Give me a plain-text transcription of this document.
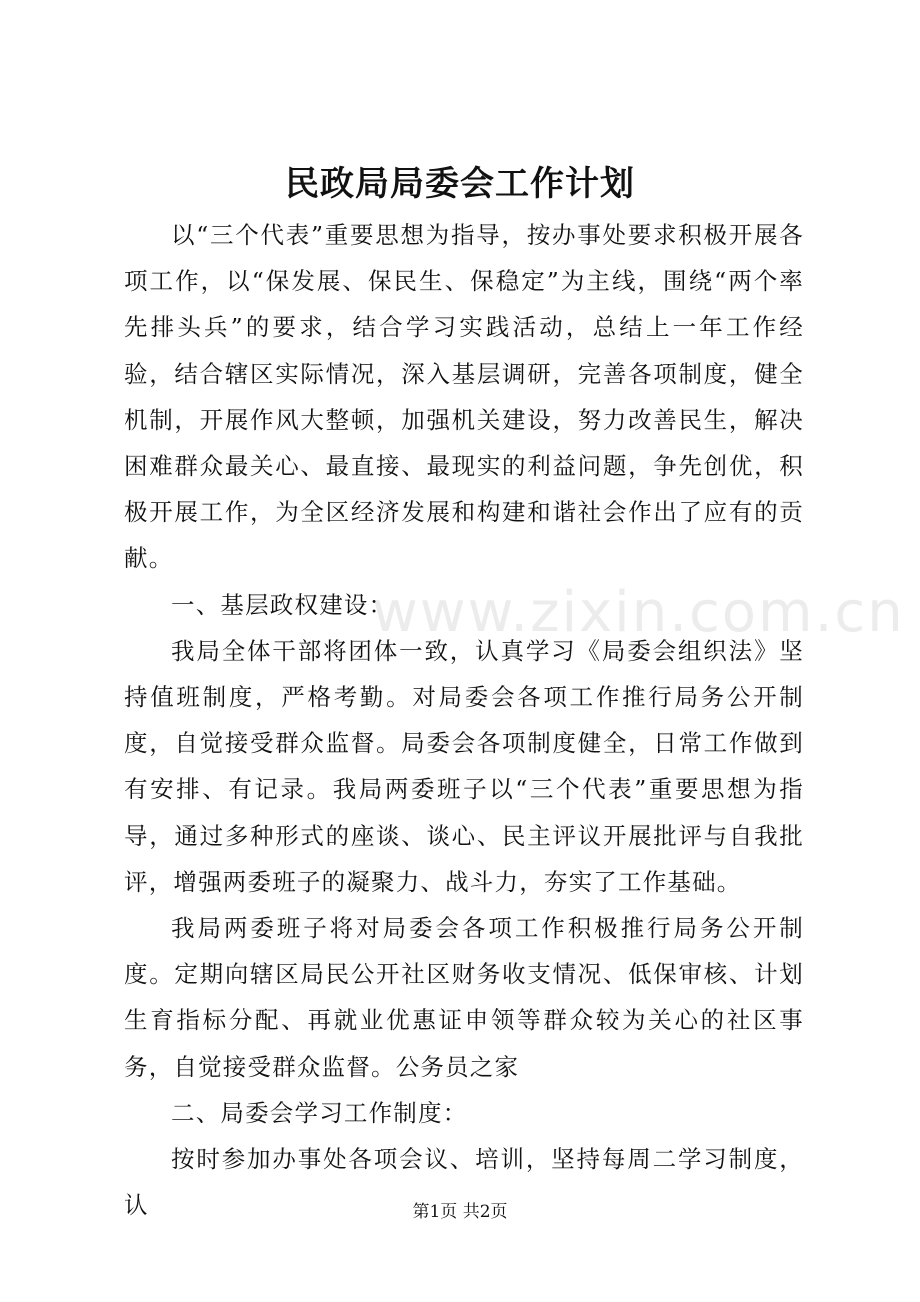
民政局局委会工作计划

以“三个代表”重要思想为指导，按办事处要求积极开展各项工作，以“保发展、保民生、保稳定”为主线，围绕“两个率先排头兵”的要求，结合学习实践活动，总结上一年工作经验，结合辖区实际情况，深入基层调研，完善各项制度，健全机制，开展作风大整顿，加强机关建设，努力改善民生，解决困难群众最关心、最直接、最现实的利益问题，争先创优，积极开展工作，为全区经济发展和构建和谐社会作出了应有的贡献。

一、基层政权建设：

我局全体干部将团体一致，认真学习《局委会组织法》坚持值班制度，严格考勤。对局委会各项工作推行局务公开制度，自觉接受群众监督。局委会各项制度健全，日常工作做到有安排、有记录。我局两委班子以“三个代表”重要思想为指导，通过多种形式的座谈、谈心、民主评议开展批评与自我批评，增强两委班子的凝聚力、战斗力，夯实了工作基础。

我局两委班子将对局委会各项工作积极推行局务公开制度。定期向辖区局民公开社区财务收支情况、低保审核、计划生育指标分配、再就业优惠证申领等群众较为关心的社区事务，自觉接受群众监督。公务员之家

二、局委会学习工作制度：

按时参加办事处各项会议、培训，坚持每周二学习制度，认

www.zixin.com.cn
第1页 共2页
